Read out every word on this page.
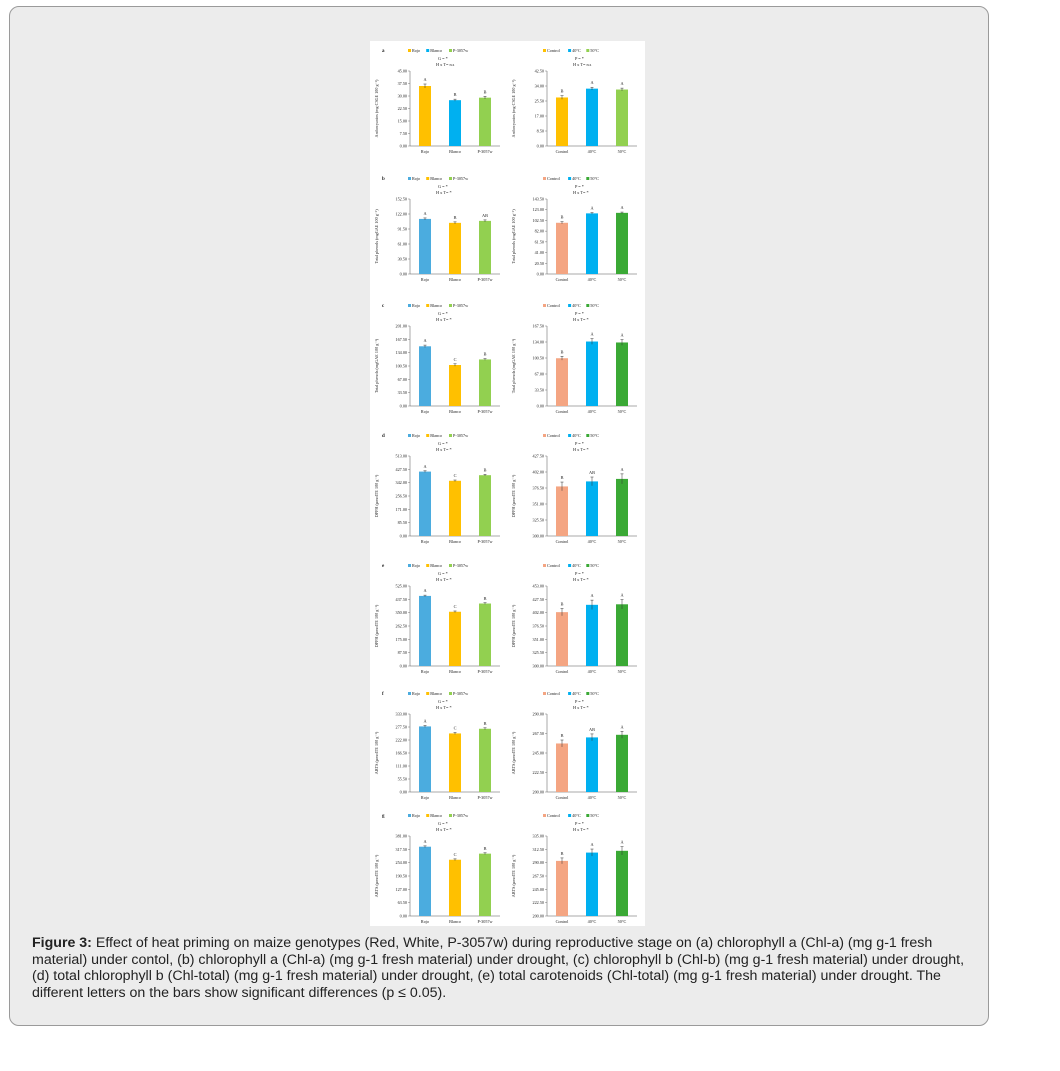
a	Rojo Blanco	P-3057w
G = *
H x T= n.s
0.00
7.50
15.00
22.50
30.00
37.50
45.00
Anthocyanins (mg C3GE 100 g⁻¹)
A
Rojo
B
Blanco
B
P-3057w
Control	40°C 50°C
P = *
H x T= n.s
0.00
8.50
17.00
25.50
34.00
42.50
Anthocyanins (mg C3GE 100 g⁻¹)	B
Control
A
40°C
A
50°C
b	Rojo Blanco	P-3057w
G = *
H x T= *
0.00
30.50
61.00
91.50
122.00
152.50
Total phenols (mgGAE 100 g⁻¹)	A
Rojo
B
Blanco
AB
P-3057w
Control	40°C 50°C
P = *
H x T= *
0.00
20.50
41.00
61.50
82.00
102.50
123.00
143.50
Total phenols (mgGAE 100 g⁻¹)	B
Control
A
40°C
A
50°C
c	Rojo Blanco	P-3057w
G = *
H x T= *
0.00
33.50
67.00
100.50
134.00
167.50
201.00
Total phenols (mgGAE 100 g⁻¹)	A
Rojo
C
Blanco
B
P-3057w
Control	40°C 50°C
P = *
H x T= *
0.00
33.50
67.00
100.50
134.00
167.50
Total phenols (mgGAE 100 g⁻¹)	B
Control
A
40°C
A
50°C
d	Rojo Blanco	P-3057w
G = *
H x T= *
0.00
85.50
171.00
256.50
342.00
427.50
513.00
DPPH (µmolTE 100 g⁻¹)
A
Rojo
C
Blanco
B
P-3057w
Control	40°C 50°C
P = *
H x T= *
300.00
325.50
351.00
376.50
402.00
427.50
DPPH (µmolTE 100 g⁻¹)	B
Control
AB
40°C
A
50°C
e	Rojo Blanco	P-3057w
G = *
H x T= *
0.00
87.50
175.00
262.50
350.00
437.50
525.00
DPPH (µmolTE 100 g⁻¹)
A
Rojo
C
Blanco
B
P-3057w
Control	40°C 50°C
P = *
H x T= *
300.00
325.50
351.00
376.50
402.00
427.50
453.00
DPPH (µmolTE 100 g⁻¹)
B
Control
A
40°C
A
50°C
f	Rojo Blanco	P-3057w
G = *
H x T= *
0.00
55.50
111.00
166.50
222.00
277.50
333.00
ABTS (µmolTE 100 g⁻¹)
A
Rojo
C
Blanco
B
P-3057w
Control	40°C 50°C
P = *
H x T= *
200.00
222.50
245.00
267.50
290.00
ABTS (µmolTE 100 g⁻¹)	B
Control
AB
40°C
A
50°C
g	Rojo Blanco	P-3057w
G = *
H x T= *
0.00
63.50
127.00
190.50
254.00
317.50
381.00
ABTS (µmolTE 100 g⁻¹)
A
Rojo
C
Blanco
B
P-3057w
Control	40°C 50°C
P = *
H x T= *
200.00
222.50
245.00
267.50
290.00
312.50
335.00
ABTS (µmolTE 100 g⁻¹)
B
Control
A
40°C
A
50°C
Figure 3: Effect of heat priming on maize genotypes (Red, White, P-3057w) during reproductive stage on (a) chlorophyll a (Chl-a) (mg g-1 fresh material) under contol, (b) chlorophyll a (Chl-a) (mg g-1 fresh material) under drought, (c) chlorophyll b (Chl-b) (mg g-1 fresh material) under drought, (d) total chlorophyll b (Chl-total) (mg g-1 fresh material) under drought, (e) total carotenoids (Chl-total) (mg g-1 fresh material) under drought. The different letters on the bars show significant differences (p ≤ 0.05).
